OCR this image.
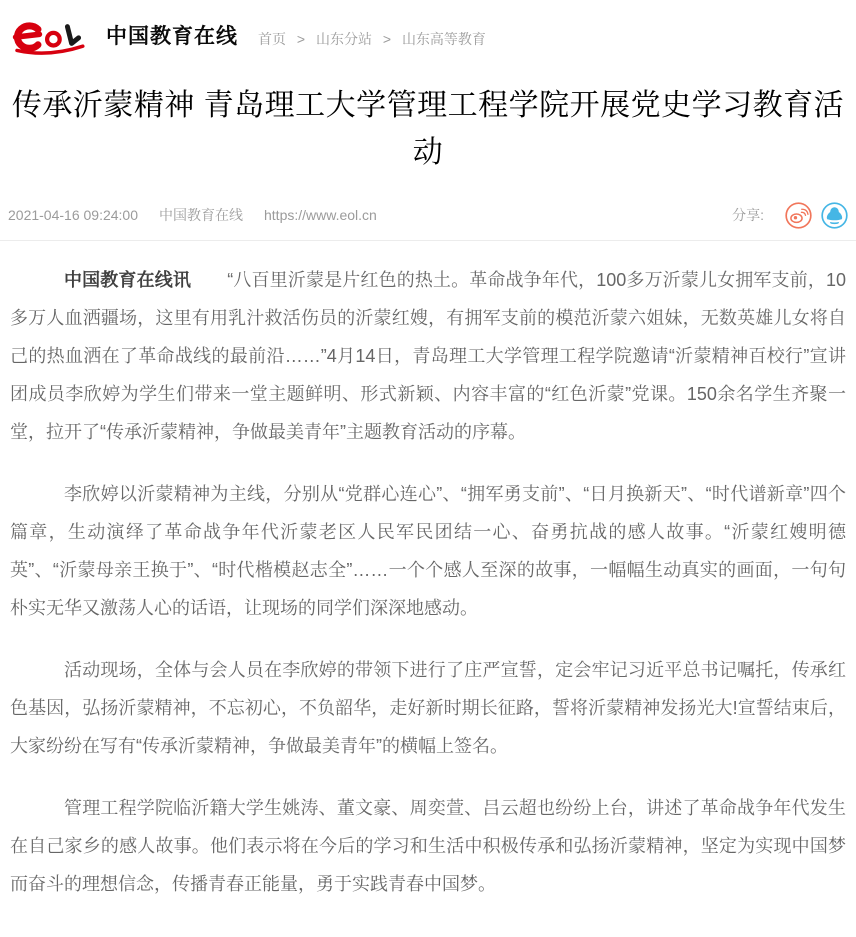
中国教育在线 首页 > 山东分站 > 山东高等教育
传承沂蒙精神 青岛理工大学管理工程学院开展党史学习教育活动
2021-04-16 09:24:00 中国教育在线 https://www.eol.cn	分享:

中国教育在线讯　　“八百里沂蒙是片红色的热土。革命战争年代，100多万沂蒙儿女拥军支前，10多万人血洒疆场，这里有用乳汁救活伤员的沂蒙红嫂，有拥军支前的模范沂蒙六姐妹，无数英雄儿女将自己的热血洒在了革命战线的最前沿……”4月14日，青岛理工大学管理工程学院邀请“沂蒙精神百校行”宣讲团成员李欣婷为学生们带来一堂主题鲜明、形式新颖、内容丰富的“红色沂蒙”党课。150余名学生齐聚一堂，拉开了“传承沂蒙精神，争做最美青年”主题教育活动的序幕。

李欣婷以沂蒙精神为主线，分别从“党群心连心”、“拥军勇支前”、“日月换新天”、“时代谱新章”四个篇章，生动演绎了革命战争年代沂蒙老区人民军民团结一心、奋勇抗战的感人故事。“沂蒙红嫂明德英”、“沂蒙母亲王换于”、“时代楷模赵志全”……一个个感人至深的故事，一幅幅生动真实的画面，一句句朴实无华又激荡人心的话语，让现场的同学们深深地感动。

活动现场，全体与会人员在李欣婷的带领下进行了庄严宣誓，定会牢记习近平总书记嘱托，传承红色基因，弘扬沂蒙精神，不忘初心，不负韶华，走好新时期长征路，誓将沂蒙精神发扬光大!宣誓结束后，大家纷纷在写有“传承沂蒙精神，争做最美青年”的横幅上签名。

管理工程学院临沂籍大学生姚涛、董文豪、周奕萱、吕云超也纷纷上台，讲述了革命战争年代发生在自己家乡的感人故事。他们表示将在今后的学习和生活中积极传承和弘扬沂蒙精神，坚定为实现中国梦而奋斗的理想信念，传播青春正能量，勇于实践青春中国梦。
